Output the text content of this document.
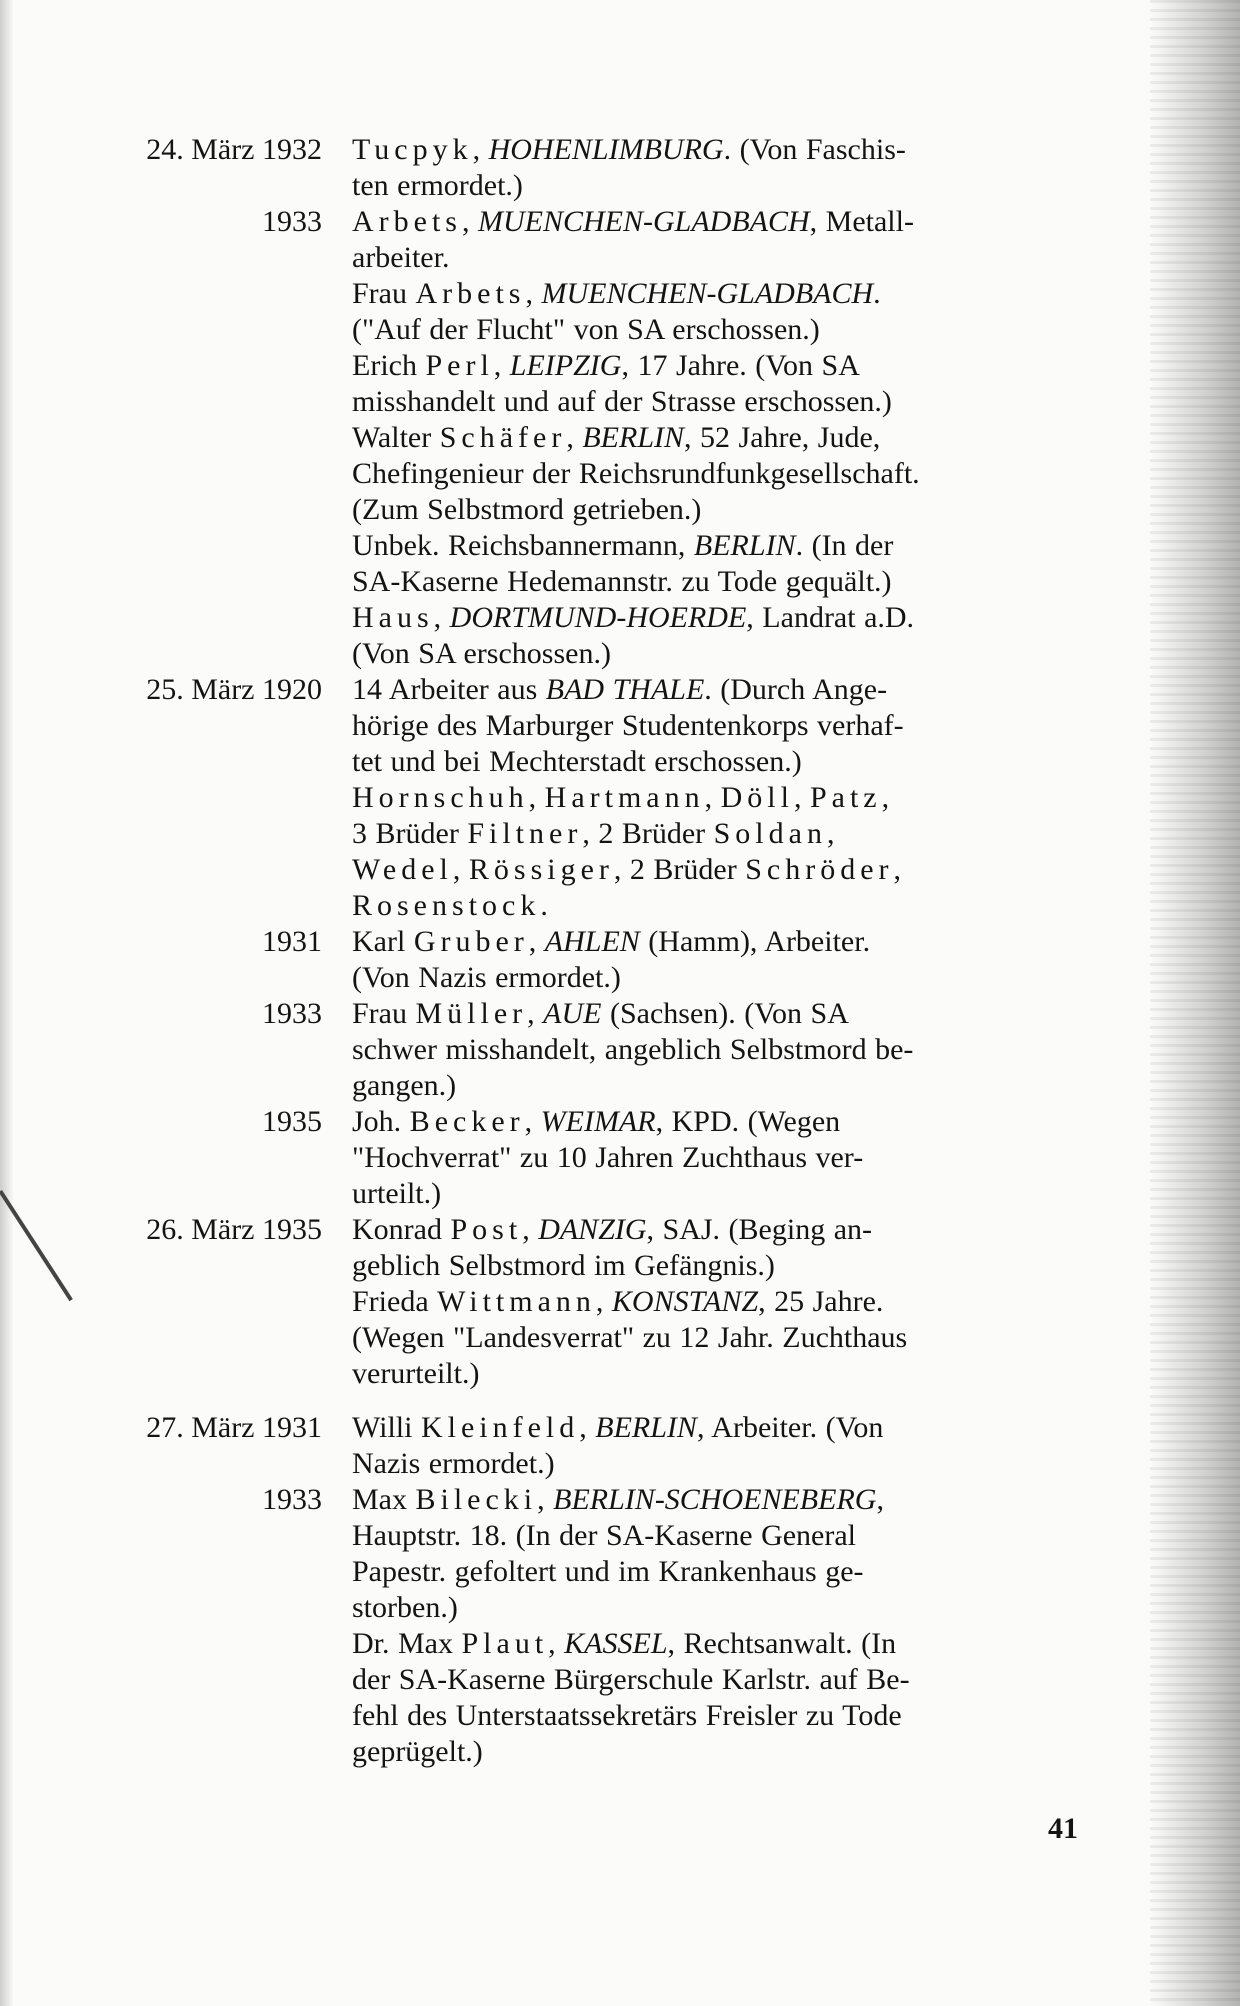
24. März 1932 Tucpyk, HOHENLIMBURG. (Von Faschis-
ten ermordet.)
1933 Arbets, MUENCHEN-GLADBACH, Metall-
arbeiter.
Frau Arbets, MUENCHEN-GLADBACH.
("Auf der Flucht" von SA erschossen.)
Erich Perl, LEIPZIG, 17 Jahre. (Von SA
misshandelt und auf der Strasse erschossen.)
Walter Schäfer, BERLIN, 52 Jahre, Jude,
Chefingenieur der Reichsrundfunkgesellschaft.
(Zum Selbstmord getrieben.)
Unbek. Reichsbannermann, BERLIN. (In der
SA-Kaserne Hedemannstr. zu Tode gequält.)
Haus, DORTMUND-HOERDE, Landrat a.D.
(Von SA erschossen.)
25. März 1920 14 Arbeiter aus BAD THALE. (Durch Ange-
hörige des Marburger Studentenkorps verhaf-
tet und bei Mechterstadt erschossen.)
Hornschuh, Hartmann, Döll, Patz,
3 Brüder Filtner, 2 Brüder Soldan,
Wedel, Rössiger, 2 Brüder Schröder,
Rosenstock.
1931 Karl Gruber, AHLEN (Hamm), Arbeiter.
(Von Nazis ermordet.)
1933 Frau Müller, AUE (Sachsen). (Von SA
schwer misshandelt, angeblich Selbstmord be-
gangen.)
1935 Joh. Becker, WEIMAR, KPD. (Wegen
"Hochverrat" zu 10 Jahren Zuchthaus ver-
urteilt.)
26. März 1935 Konrad Post, DANZIG, SAJ. (Beging an-
geblich Selbstmord im Gefängnis.)
Frieda Wittmann, KONSTANZ, 25 Jahre.
(Wegen "Landesverrat" zu 12 Jahr. Zuchthaus
verurteilt.)
27. März 1931 Willi Kleinfeld, BERLIN, Arbeiter. (Von
Nazis ermordet.)
1933 Max Bilecki, BERLIN-SCHOENEBERG,
Hauptstr. 18. (In der SA-Kaserne General
Papestr. gefoltert und im Krankenhaus ge-
storben.)
Dr. Max Plaut, KASSEL, Rechtsanwalt. (In
der SA-Kaserne Bürgerschule Karlstr. auf Be-
fehl des Unterstaatssekretärs Freisler zu Tode
geprügelt.)
41
